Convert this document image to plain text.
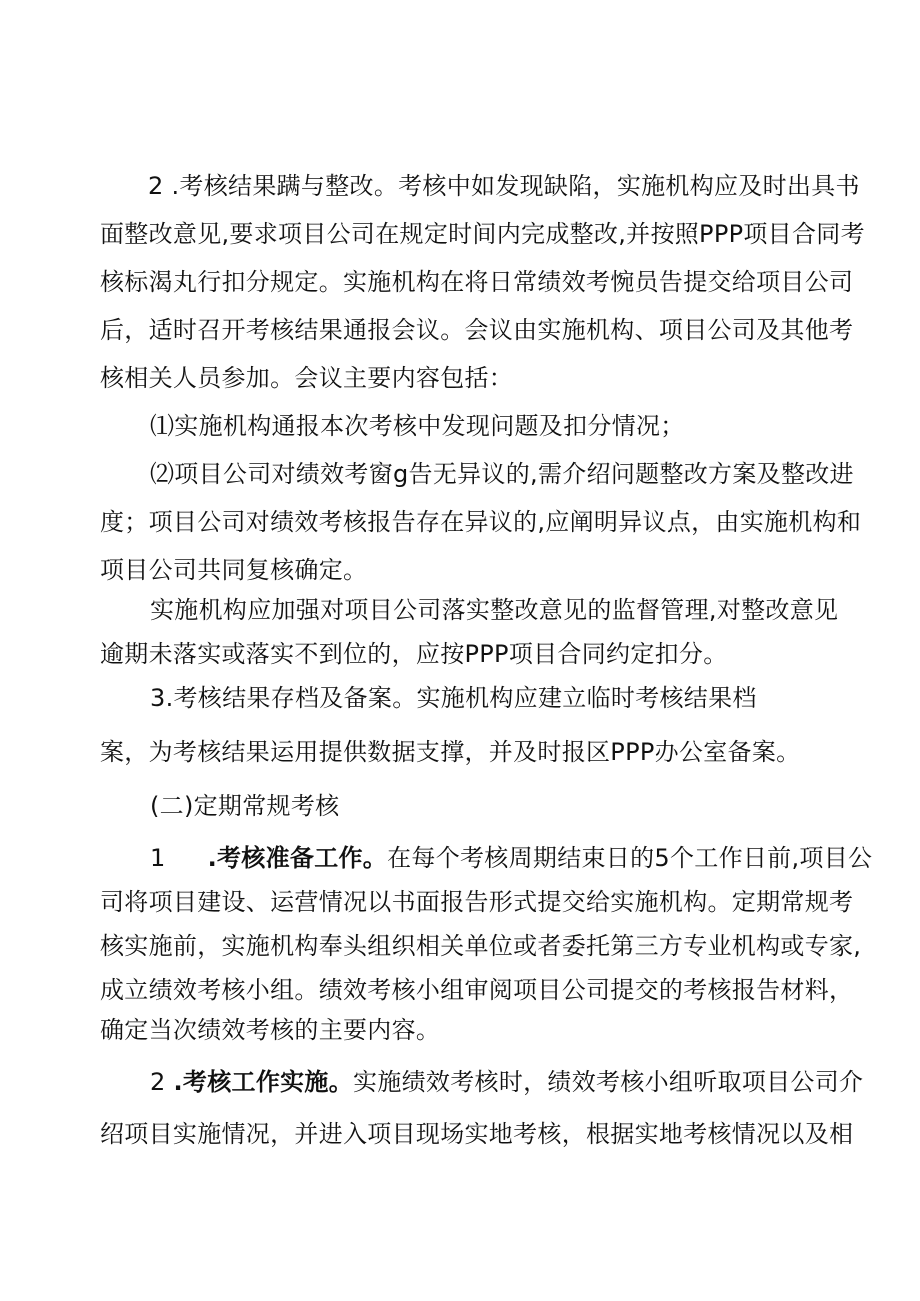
2 .考核结果蹒与整改。考核中如发现缺陷，实施机构应及时出具书
面整改意见,要求项目公司在规定时间内完成整改,并按照PPP项目合同考
核标渴丸行扣分规定。实施机构在将日常绩效考惋员告提交给项目公司
后，适时召开考核结果通报会议。会议由实施机构、项目公司及其他考
核相关人员参加。会议主要内容包括：
⑴实施机构通报本次考核中发现问题及扣分情况；
⑵项目公司对绩效考窗g告无异议的,需介绍问题整改方案及整改进
度；项目公司对绩效考核报告存在异议的,应阐明异议点，由实施机构和
项目公司共同复核确定。
实施机构应加强对项目公司落实整改意见的监督管理,对整改意见
逾期未落实或落实不到位的，应按PPP项目合同约定扣分。
3.考核结果存档及备案。实施机构应建立临时考核结果档
案，为考核结果运用提供数据支撑，并及时报区PPP办公室备案。
(二)定期常规考核
1 .考核准备工作。在每个考核周期结束日的5个工作日前,项目公
司将项目建设、运营情况以书面报告形式提交给实施机构。定期常规考
核实施前，实施机构奉头组织相关单位或者委托第三方专业机构或专家,
成立绩效考核小组。绩效考核小组审阅项目公司提交的考核报告材料，
确定当次绩效考核的主要内容。
2 .考核工作实施。实施绩效考核时，绩效考核小组听取项目公司介
绍项目实施情况，并进入项目现场实地考核，根据实地考核情况以及相
